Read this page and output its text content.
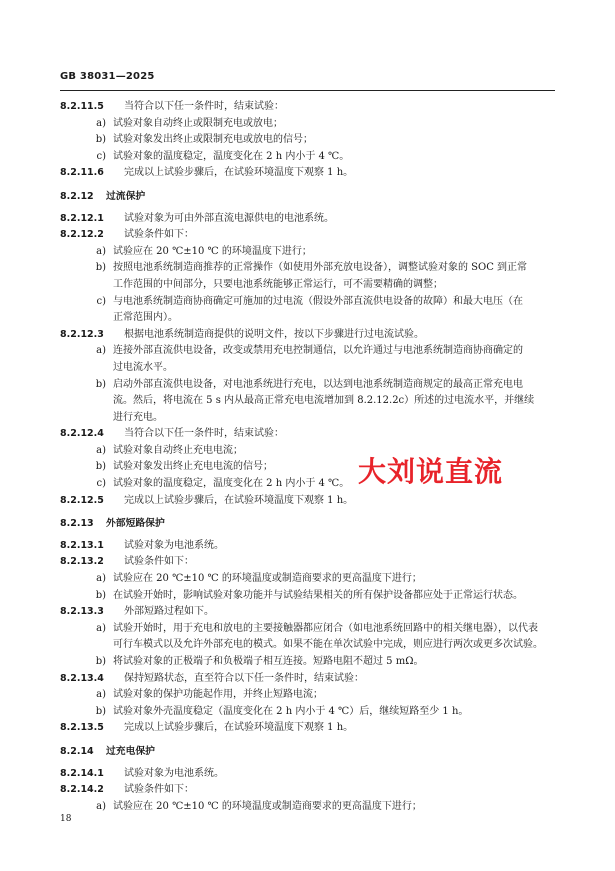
GB 38031—2025
8.2.11.5	当符合以下任一条件时，结束试验：
a) 试验对象自动终止或限制充电或放电；
b) 试验对象发出终止或限制充电或放电的信号；
c) 试验对象的温度稳定，温度变化在 2 h 内小于 4 ℃。
8.2.11.6	完成以上试验步骤后，在试验环境温度下观察 1 h。
8.2.12	过流保护
8.2.12.1	试验对象为可由外部直流电源供电的电池系统。
8.2.12.2	试验条件如下：
a) 试验应在 20 ℃±10 ℃ 的环境温度下进行；
b) 按照电池系统制造商推荐的正常操作（如使用外部充放电设备），调整试验对象的 SOC 到正常
工作范围的中间部分，只要电池系统能够正常运行，可不需要精确的调整；
c) 与电池系统制造商协商确定可施加的过电流（假设外部直流供电设备的故障）和最大电压（在
正常范围内）。
8.2.12.3	根据电池系统制造商提供的说明文件，按以下步骤进行过电流试验。
a) 连接外部直流供电设备，改变或禁用充电控制通信，以允许通过与电池系统制造商协商确定的
过电流水平。
b) 启动外部直流供电设备，对电池系统进行充电，以达到电池系统制造商规定的最高正常充电电
流。然后，将电流在 5 s 内从最高正常充电电流增加到 8.2.12.2c）所述的过电流水平，并继续
进行充电。
8.2.12.4	当符合以下任一条件时，结束试验：
a) 试验对象自动终止充电电流；
b) 试验对象发出终止充电电流的信号；
c) 试验对象的温度稳定，温度变化在 2 h 内小于 4 ℃。
8.2.12.5	完成以上试验步骤后，在试验环境温度下观察 1 h。
8.2.13	外部短路保护
8.2.13.1	试验对象为电池系统。
8.2.13.2	试验条件如下：
a) 试验应在 20 ℃±10 ℃ 的环境温度或制造商要求的更高温度下进行；
b) 在试验开始时，影响试验对象功能并与试验结果相关的所有保护设备都应处于正常运行状态。
8.2.13.3	外部短路过程如下。
a) 试验开始时，用于充电和放电的主要接触器都应闭合（如电池系统回路中的相关继电器），以代表
可行车模式以及允许外部充电的模式。如果不能在单次试验中完成，则应进行两次或更多次试验。
b) 将试验对象的正极端子和负极端子相互连接。短路电阻不超过 5 mΩ。
8.2.13.4	保持短路状态，直至符合以下任一条件时，结束试验：
a) 试验对象的保护功能起作用，并终止短路电流；
b) 试验对象外壳温度稳定（温度变化在 2 h 内小于 4 ℃）后，继续短路至少 1 h。
8.2.13.5	完成以上试验步骤后，在试验环境温度下观察 1 h。
8.2.14	过充电保护
8.2.14.1	试验对象为电池系统。
8.2.14.2	试验条件如下：
a) 试验应在 20 ℃±10 ℃ 的环境温度或制造商要求的更高温度下进行；
大刘说直流
18
